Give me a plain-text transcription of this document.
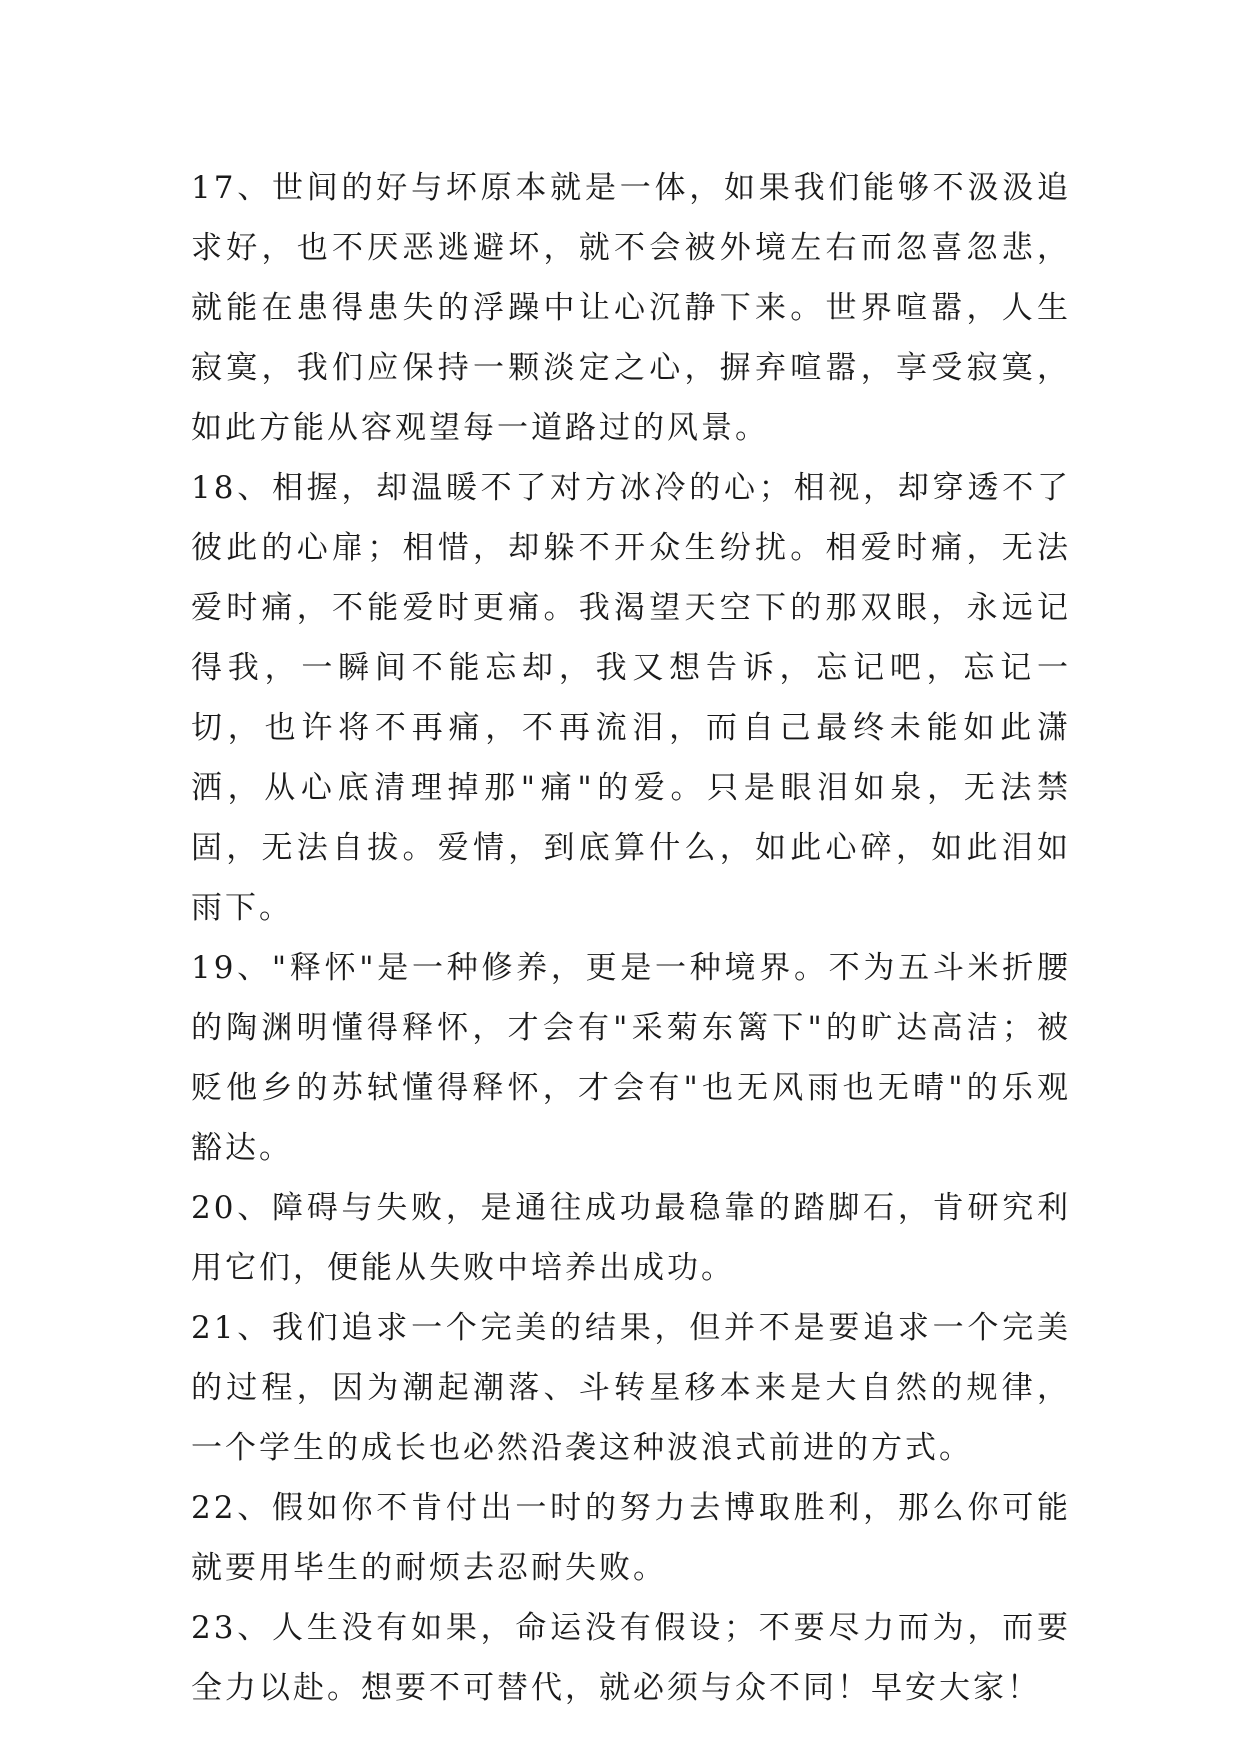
17、世间的好与坏原本就是一体，如果我们能够不汲汲追求好，也不厌恶逃避坏，就不会被外境左右而忽喜忽悲，就能在患得患失的浮躁中让心沉静下来。世界喧嚣，人生寂寞，我们应保持一颗淡定之心，摒弃喧嚣，享受寂寞，如此方能从容观望每一道路过的风景。

18、相握，却温暖不了对方冰冷的心；相视，却穿透不了彼此的心扉；相惜，却躲不开众生纷扰。相爱时痛，无法爱时痛，不能爱时更痛。我渴望天空下的那双眼，永远记得我，一瞬间不能忘却，我又想告诉，忘记吧，忘记一切，也许将不再痛，不再流泪，而自己最终未能如此潇洒，从心底清理掉那"痛"的爱。只是眼泪如泉，无法禁固，无法自拔。爱情，到底算什么，如此心碎，如此泪如雨下。

19、"释怀"是一种修养，更是一种境界。不为五斗米折腰的陶渊明懂得释怀，才会有"采菊东篱下"的旷达高洁；被贬他乡的苏轼懂得释怀，才会有"也无风雨也无晴"的乐观豁达。

20、障碍与失败，是通往成功最稳靠的踏脚石，肯研究利用它们，便能从失败中培养出成功。

21、我们追求一个完美的结果，但并不是要追求一个完美的过程，因为潮起潮落、斗转星移本来是大自然的规律，一个学生的成长也必然沿袭这种波浪式前进的方式。

22、假如你不肯付出一时的努力去博取胜利，那么你可能就要用毕生的耐烦去忍耐失败。

23、人生没有如果，命运没有假设；不要尽力而为，而要全力以赴。想要不可替代，就必须与众不同！早安大家！
